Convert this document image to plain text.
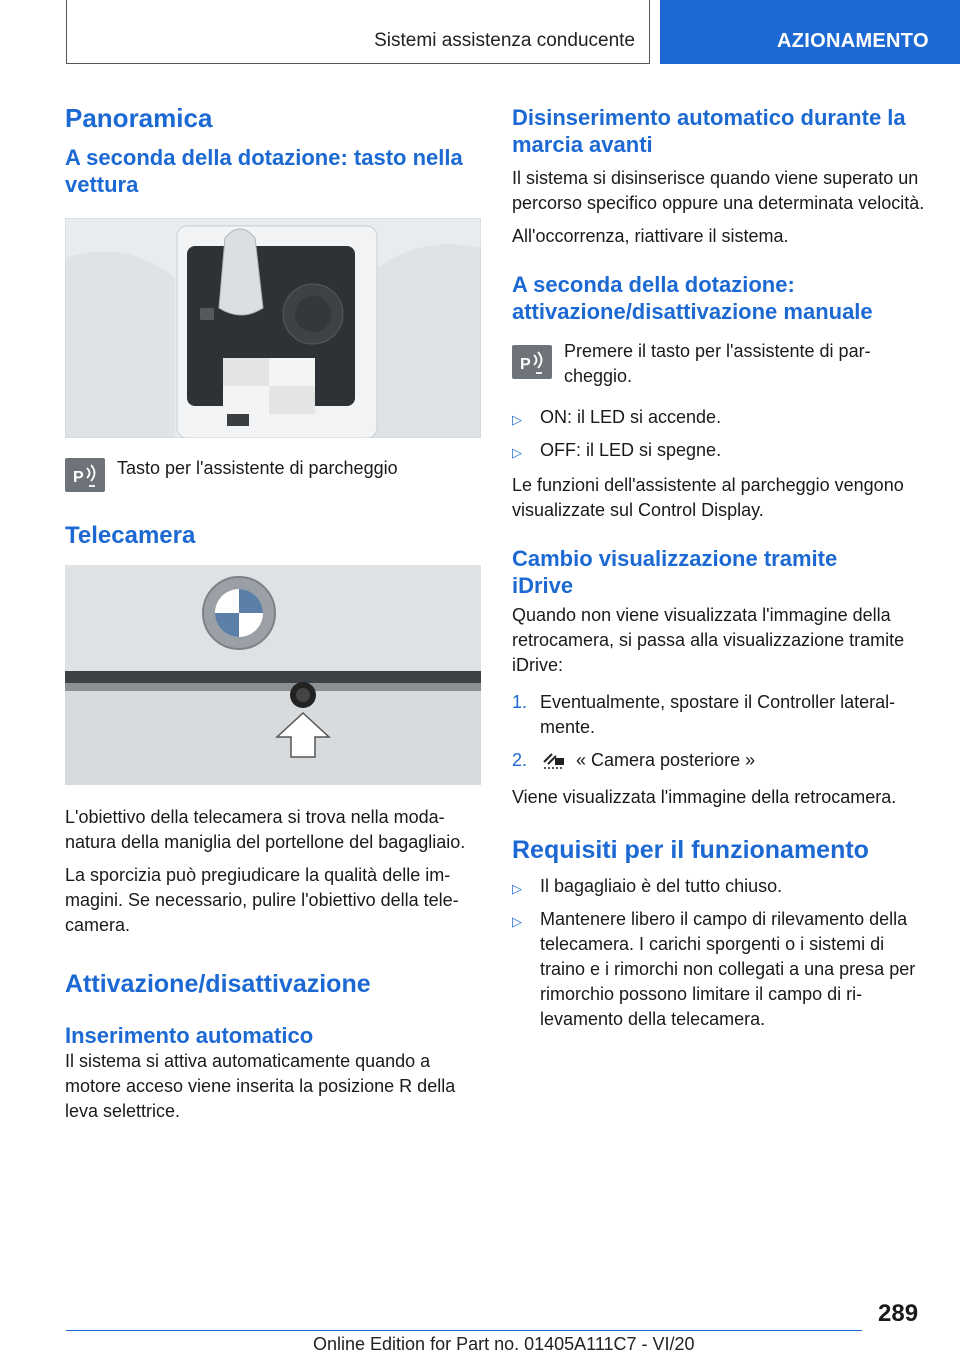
Sistemi assistenza conducente	AZIONAMENTO
Panoramica
A seconda della dotazione: tasto nella vettura
P Tasto per l'assistente di parcheggio

Telecamera

L'obiettivo della telecamera si trova nella modanatura della maniglia del portellone del bagagliaio.

La sporcizia può pregiudicare la qualità delle immagini. Se necessario, pulire l'obiettivo della telecamera.

Attivazione/disattivazione
Inserimento automatico

Il sistema si attiva automaticamente quando a motore acceso viene inserita la posizione R della leva selettrice.

Disinserimento automatico durante la marcia avanti

Il sistema si disinserisce quando viene superato un percorso specifico oppure una determinata velocità.

All'occorrenza, riattivare il sistema.

A seconda della dotazione: attivazione/disattivazione manuale
P

Premere il tasto per l'assistente di parcheggio.

▷	ON: il LED si accende.
▷	OFF: il LED si spegne.

Le funzioni dell'assistente al parcheggio vengono visualizzate sul Control Display.

Cambio visualizzazione tramite iDrive

Quando non viene visualizzata l'immagine della retrocamera, si passa alla visualizzazione tramite iDrive:

1. Eventualmente, spostare il Controller lateralmente.
2.	« Camera posteriore »

Viene visualizzata l'immagine della retrocamera.

Requisiti per il funzionamento
▷	Il bagagliaio è del tutto chiuso.
▷	Mantenere libero il campo di rilevamento della telecamera. I carichi sporgenti o i sistemi di traino e i rimorchi non collegati a una presa per rimorchio possono limitare il campo di rilevamento della telecamera.
289
Online Edition for Part no. 01405A111C7 - VI/20
